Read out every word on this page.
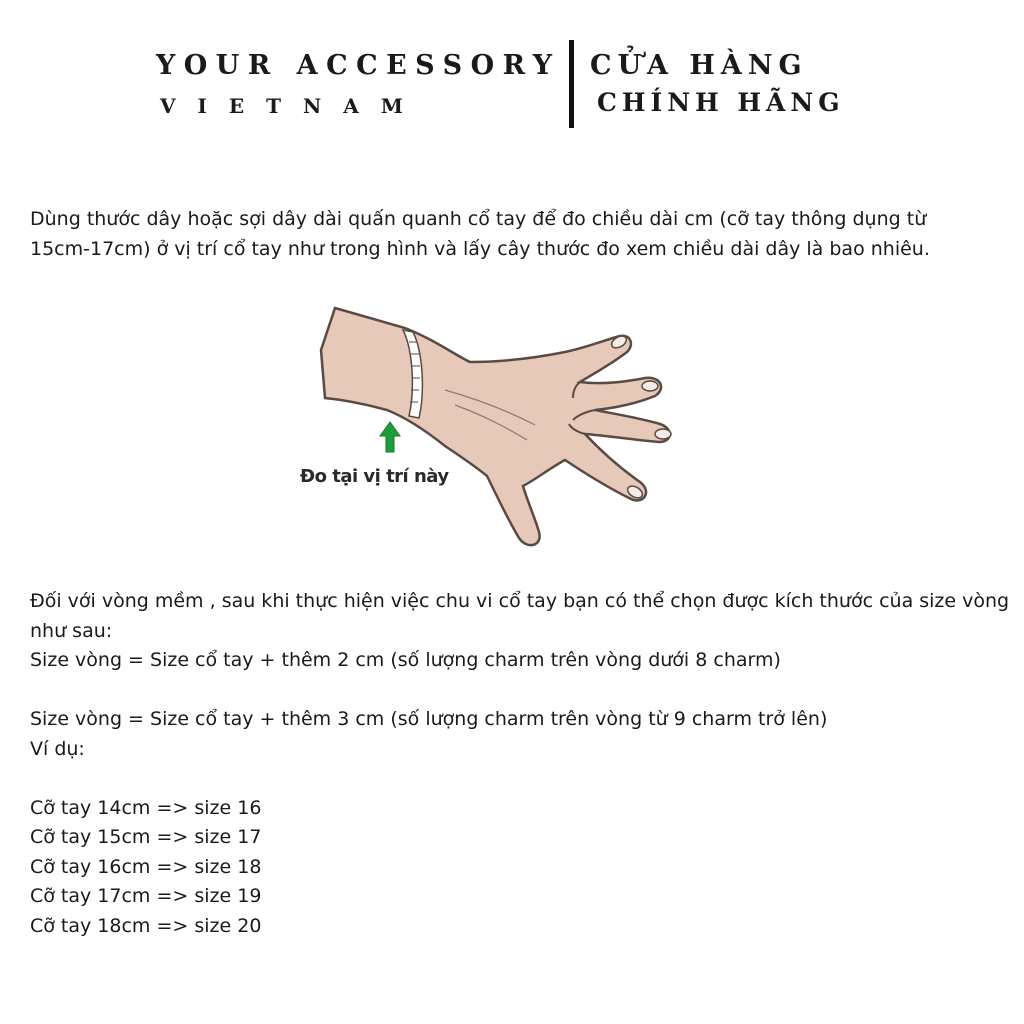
YOUR ACCESSORY
VIETNAM
CỬA HÀNG
CHÍNH HÃNG

Dùng thước dây hoặc sợi dây dài quấn quanh cổ tay để đo chiều dài cm (cỡ tay thông dụng từ 15cm-17cm) ở vị trí cổ tay như trong hình và lấy cây thước đo xem chiều dài dây là bao nhiêu.

Đo tại vị trí này

Đối với vòng mềm , sau khi thực hiện việc chu vi cổ tay bạn có thể chọn được kích thước của size vòng như sau:

Size vòng = Size cổ tay + thêm 2 cm (số lượng charm trên vòng dưới 8 charm)

Size vòng = Size cổ tay + thêm 3 cm (số lượng charm trên vòng từ 9 charm trở lên)

Ví dụ:

Cỡ tay 14cm => size 16

Cỡ tay 15cm => size 17

Cỡ tay 16cm => size 18

Cỡ tay 17cm => size 19

Cỡ tay 18cm => size 20
